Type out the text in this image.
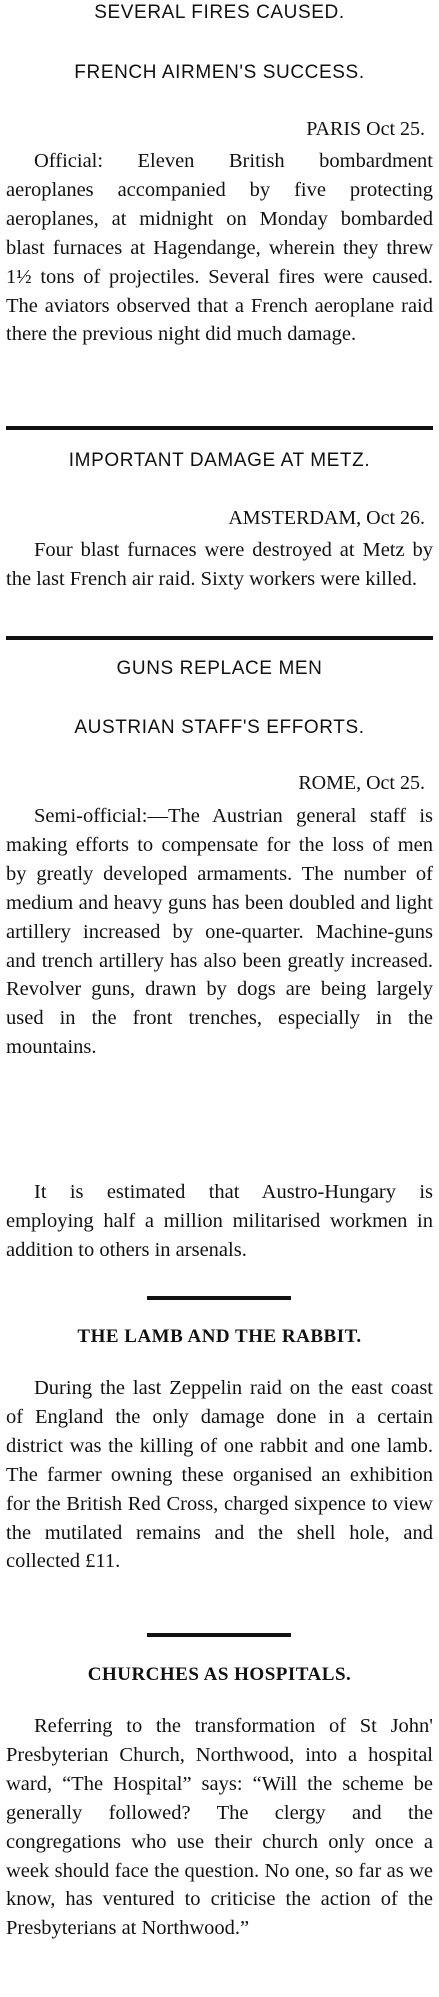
SEVERAL FIRES CAUSED.
FRENCH AIRMEN'S SUCCESS.
PARIS Oct 25.
Official: Eleven British bombardment aeroplanes accompanied by five protecting aeroplanes, at midnight on Monday bombarded blast furnaces at Hagendange, wherein they threw 1½ tons of projectiles. Several fires were caused. The aviators observed that a French aeroplane raid there the previous night did much damage.
IMPORTANT DAMAGE AT METZ.
AMSTERDAM, Oct 26.
Four blast furnaces were destroyed at Metz by the last French air raid. Sixty workers were killed.
GUNS REPLACE MEN
AUSTRIAN STAFF'S EFFORTS.
ROME, Oct 25.
Semi-official:—The Austrian general staff is making efforts to compensate for the loss of men by greatly developed armaments. The number of medium and heavy guns has been doubled and light artillery increased by one-quarter. Machine-guns and trench artillery has also been greatly increased. Revolver guns, drawn by dogs are being largely used in the front trenches, especially in the mountains.
It is estimated that Austro-Hungary is employing half a million militarised workmen in addition to others in arsenals.
THE LAMB AND THE RABBIT.
During the last Zeppelin raid on the east coast of England the only damage done in a certain district was the killing of one rabbit and one lamb. The farmer owning these organised an exhibition for the British Red Cross, charged sixpence to view the mutilated remains and the shell hole, and collected £11.
CHURCHES AS HOSPITALS.
Referring to the transformation of St John' Presbyterian Church, Northwood, into a hospital ward, “The Hospital” says: “Will the scheme be generally followed? The clergy and the congregations who use their church only once a week should face the question. No one, so far as we know, has ventured to criticise the action of the Presbyterians at Northwood.”
